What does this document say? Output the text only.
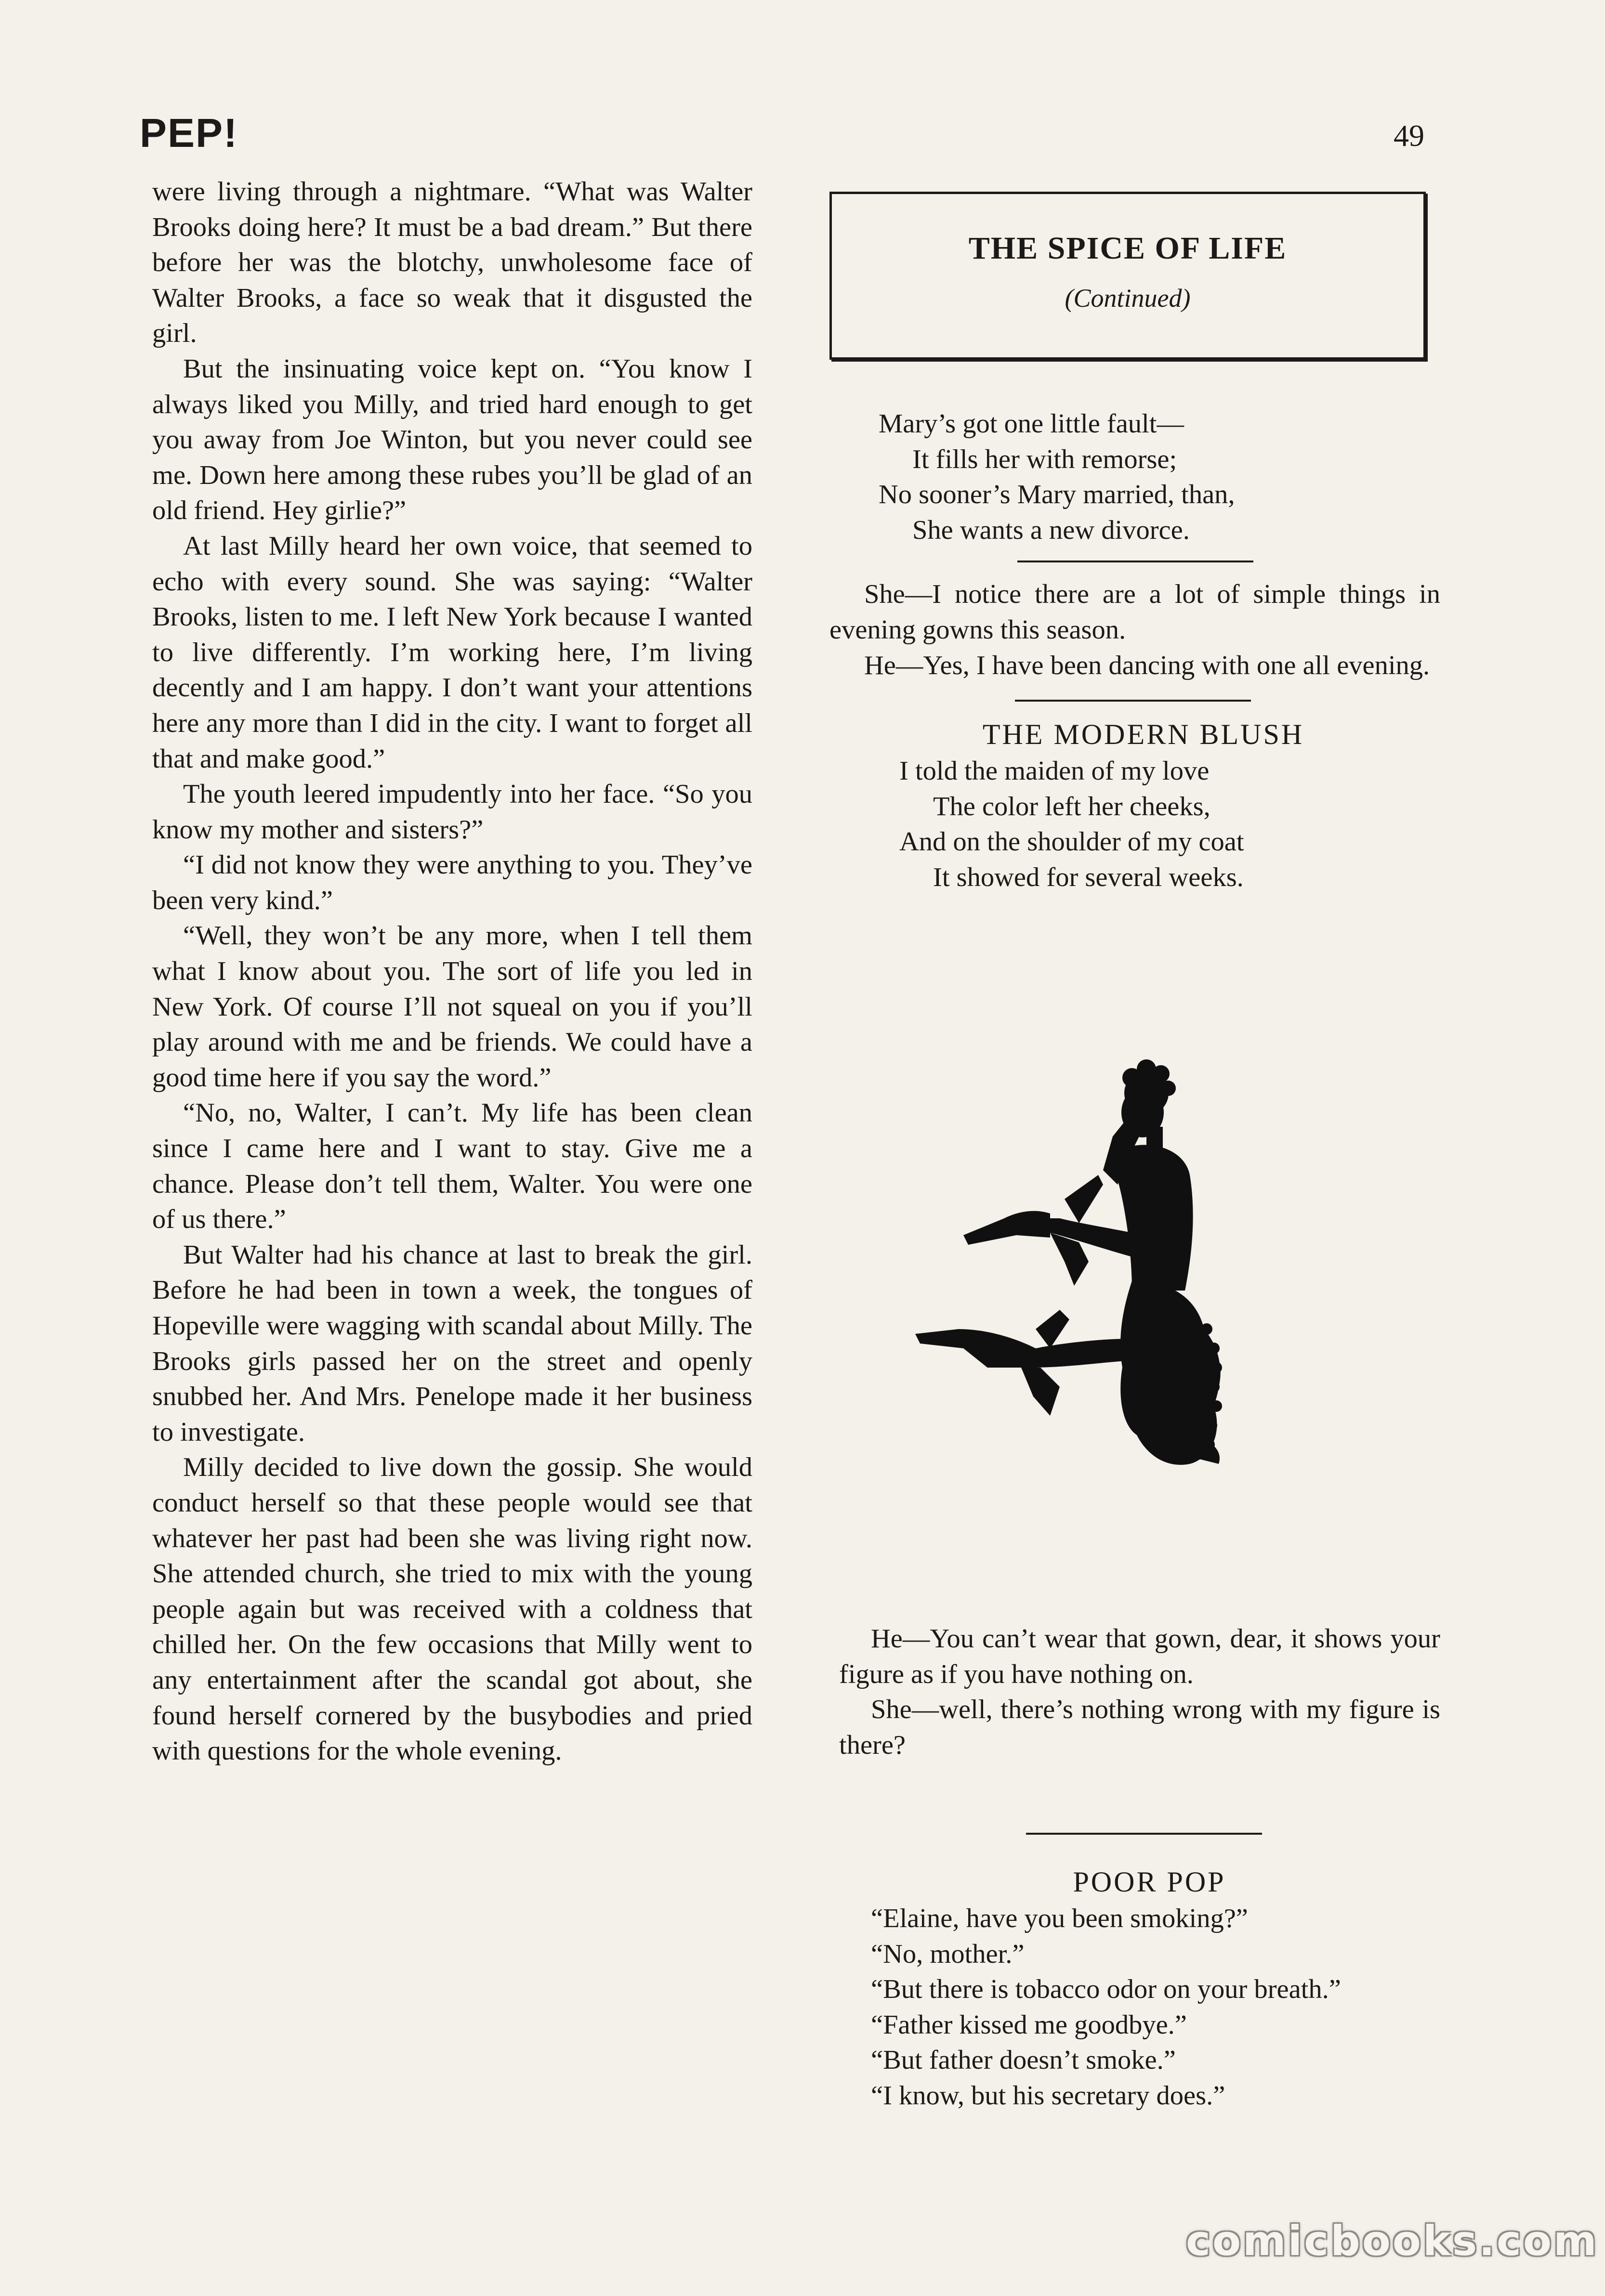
PEP!	49

were living through a nightmare. “What was Walter Brooks doing here? It must be a bad dream.” But there before her was the blotchy, unwholesome face of Walter Brooks, a face so weak that it disgusted the girl.

But the insinuating voice kept on. “You know I always liked you Milly, and tried hard enough to get you away from Joe Winton, but you never could see me. Down here among these rubes you’ll be glad of an old friend. Hey girlie?”

At last Milly heard her own voice, that seemed to echo with every sound. She was saying: “Walter Brooks, listen to me. I left New York because I wanted to live differently. I’m working here, I’m living decently and I am happy. I don’t want your attentions here any more than I did in the city. I want to forget all that and make good.”

The youth leered impudently into her face. “So you know my mother and sisters?”

“I did not know they were anything to you. They’ve been very kind.”

“Well, they won’t be any more, when I tell them what I know about you. The sort of life you led in New York. Of course I’ll not squeal on you if you’ll play around with me and be friends. We could have a good time here if you say the word.”

“No, no, Walter, I can’t. My life has been clean since I came here and I want to stay. Give me a chance. Please don’t tell them, Walter. You were one of us there.”

But Walter had his chance at last to break the girl. Before he had been in town a week, the tongues of Hopeville were wagging with scandal about Milly. The Brooks girls passed her on the street and openly snubbed her. And Mrs. Penelope made it her business to investigate.

Milly decided to live down the gossip. She would conduct herself so that these people would see that whatever her past had been she was living right now. She attended church, she tried to mix with the young people again but was received with a coldness that chilled her. On the few occasions that Milly went to any entertainment after the scandal got about, she found herself cornered by the busybodies and pried with questions for the whole evening.

THE SPICE OF LIFE
(Continued)
Mary’s got one little fault—
It fills her with remorse;
No sooner’s Mary married, than,
She wants a new divorce.

She—I notice there are a lot of simple things in evening gowns this season.

He—Yes, I have been dancing with one all evening.

THE MODERN BLUSH
I told the maiden of my love
The color left her cheeks,
And on the shoulder of my coat
It showed for several weeks.

He—You can’t wear that gown, dear, it shows your figure as if you have nothing on.

She—well, there’s nothing wrong with my figure is there?

POOR POP

“Elaine, have you been smoking?”

“No, mother.”

“But there is tobacco odor on your breath.”

“Father kissed me goodbye.”

“But father doesn’t smoke.”

“I know, but his secretary does.”

comicbooks.com
